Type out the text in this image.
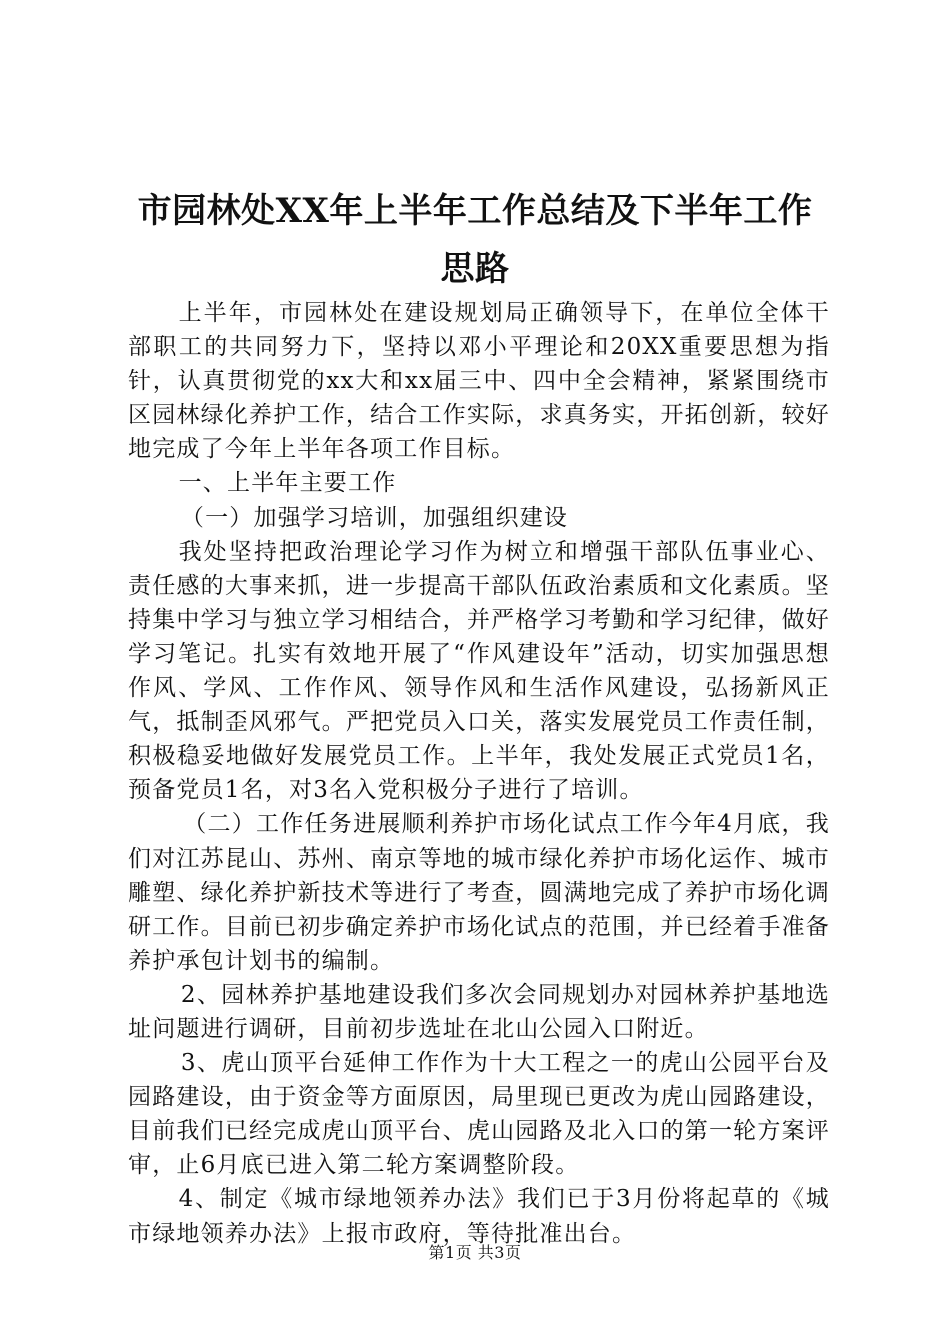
市园林处XX年上半年工作总结及下半年工作
思路

上半年，市园林处在建设规划局正确领导下，在单位全体干部职工的共同努力下，坚持以邓小平理论和20XX重要思想为指针，认真贯彻党的xx大和xx届三中、四中全会精神，紧紧围绕市区园林绿化养护工作，结合工作实际，求真务实，开拓创新，较好地完成了今年上半年各项工作目标。

一、上半年主要工作

（一）加强学习培训，加强组织建设

我处坚持把政治理论学习作为树立和增强干部队伍事业心、责任感的大事来抓，进一步提高干部队伍政治素质和文化素质。坚持集中学习与独立学习相结合，并严格学习考勤和学习纪律，做好学习笔记。扎实有效地开展了“作风建设年”活动，切实加强思想作风、学风、工作作风、领导作风和生活作风建设，弘扬新风正气，抵制歪风邪气。严把党员入口关，落实发展党员工作责任制，积极稳妥地做好发展党员工作。上半年，我处发展正式党员1名，预备党员1名，对3名入党积极分子进行了培训。

（二）工作任务进展顺利养护市场化试点工作今年4月底，我们对江苏昆山、苏州、南京等地的城市绿化养护市场化运作、城市雕塑、绿化养护新技术等进行了考查，圆满地完成了养护市场化调研工作。目前已初步确定养护市场化试点的范围，并已经着手准备养护承包计划书的编制。

2、园林养护基地建设我们多次会同规划办对园林养护基地选址问题进行调研，目前初步选址在北山公园入口附近。

3、虎山顶平台延伸工作作为十大工程之一的虎山公园平台及园路建设，由于资金等方面原因，局里现已更改为虎山园路建设，目前我们已经完成虎山顶平台、虎山园路及北入口的第一轮方案评审，止6月底已进入第二轮方案调整阶段。

4、制定《城市绿地领养办法》我们已于3月份将起草的《城市绿地领养办法》上报市政府，等待批准出台。

第1页 共3页
